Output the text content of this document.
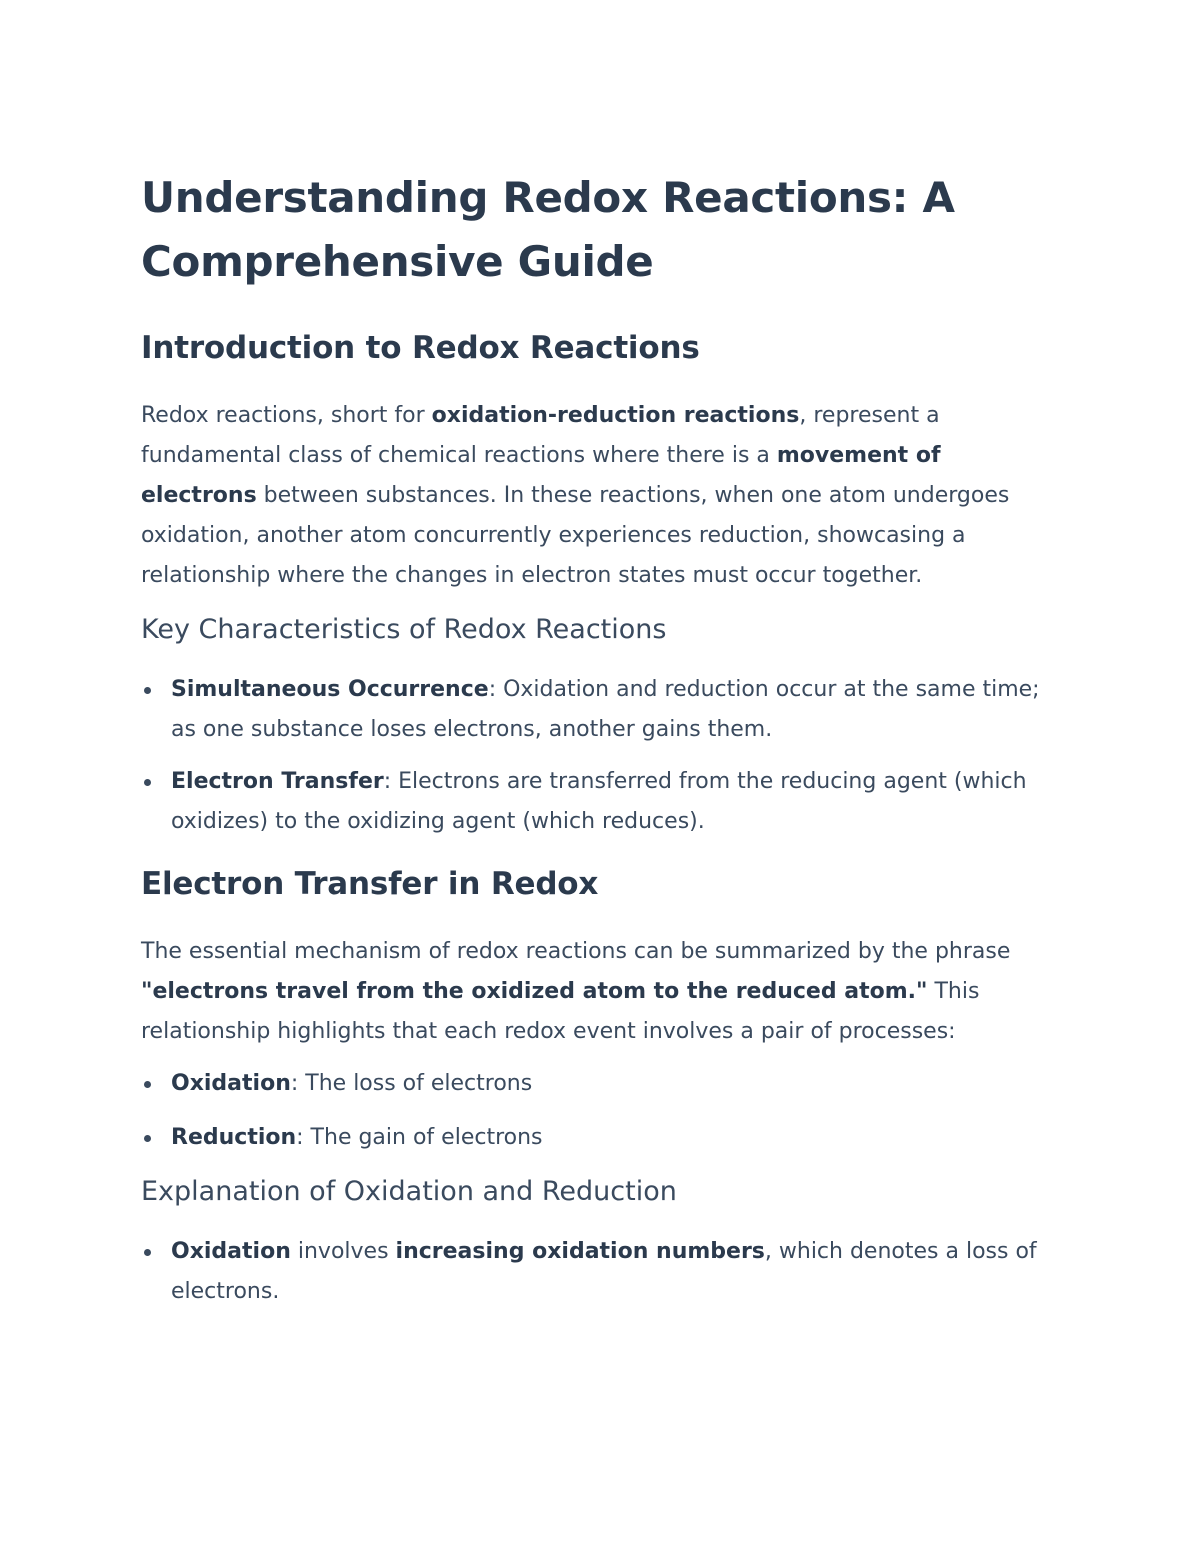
Understanding Redox Reactions: A Comprehensive Guide
Introduction to Redox Reactions

Redox reactions, short for oxidation-reduction reactions, represent a fundamental class of chemical reactions where there is a movement of electrons between substances. In these reactions, when one atom undergoes oxidation, another atom concurrently experiences reduction, showcasing a relationship where the changes in electron states must occur together.

Key Characteristics of Redox Reactions
Simultaneous Occurrence: Oxidation and reduction occur at the same time; as one substance loses electrons, another gains them.
Electron Transfer: Electrons are transferred from the reducing agent (which oxidizes) to the oxidizing agent (which reduces).
Electron Transfer in Redox

The essential mechanism of redox reactions can be summarized by the phrase "electrons travel from the oxidized atom to the reduced atom." This relationship highlights that each redox event involves a pair of processes:

Oxidation: The loss of electrons
Reduction: The gain of electrons
Explanation of Oxidation and Reduction
Oxidation involves increasing oxidation numbers, which denotes a loss of electrons.
